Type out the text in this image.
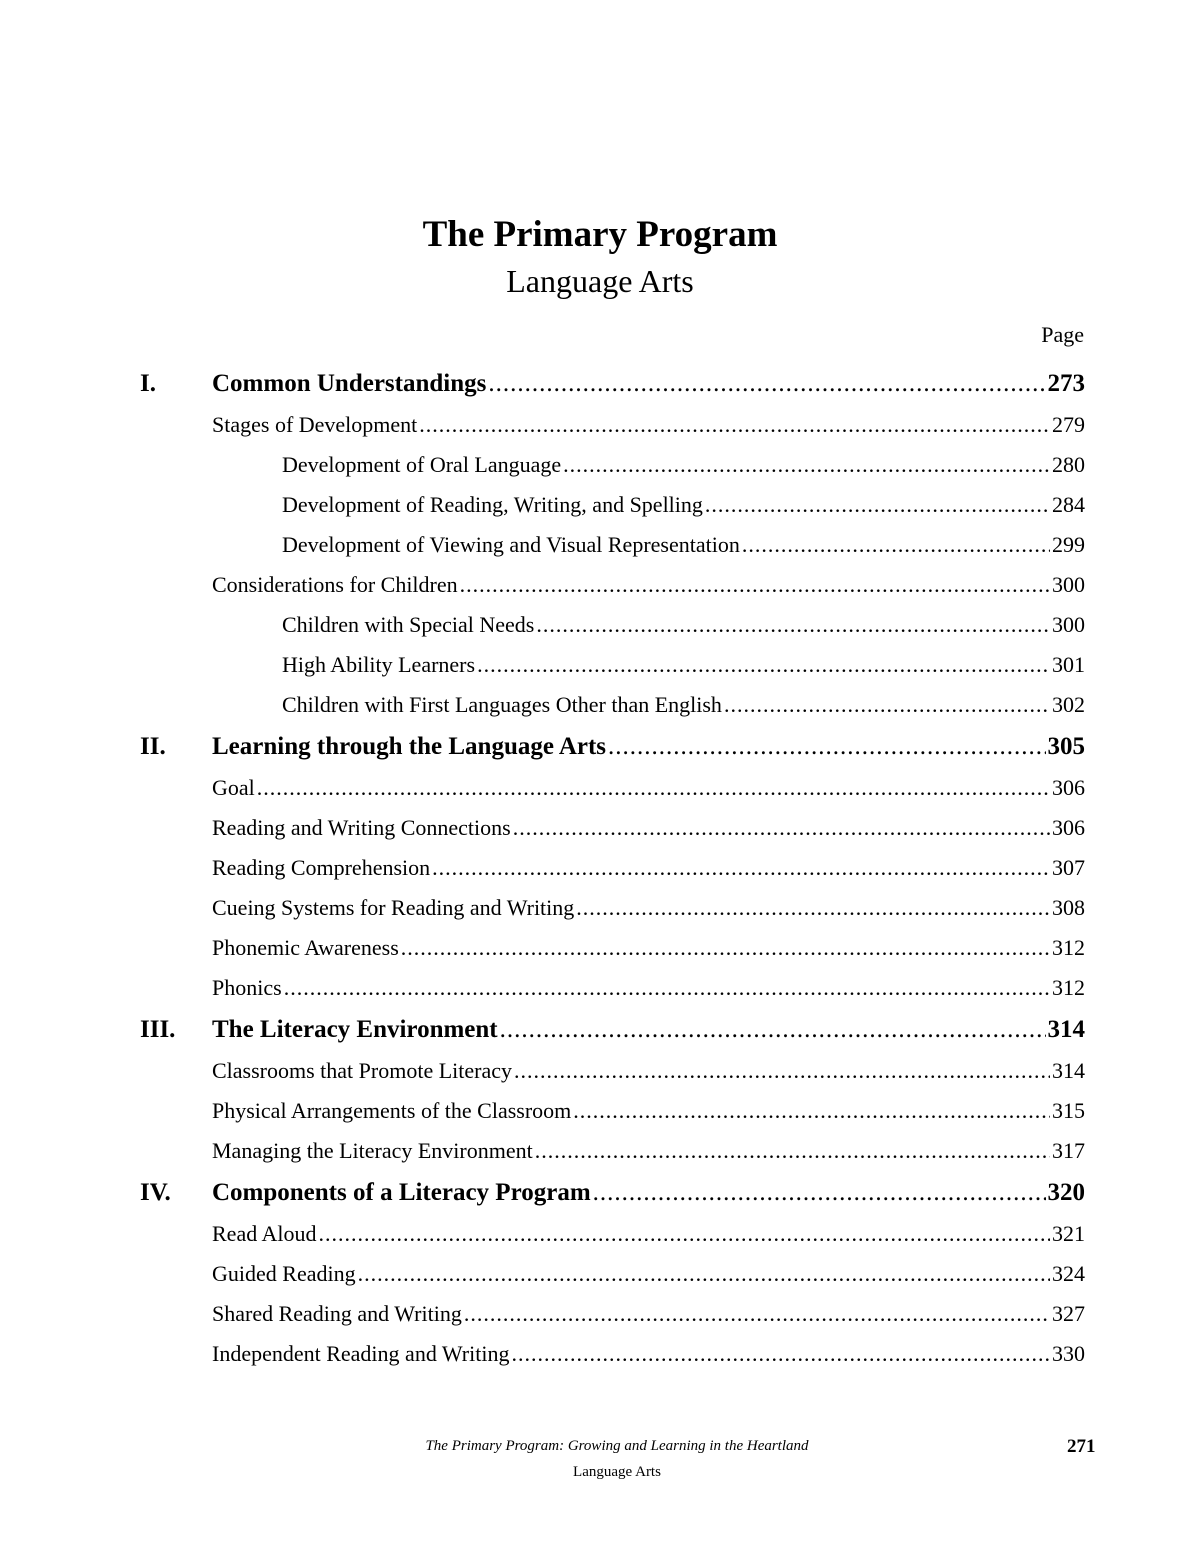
The Primary Program
Language Arts
Page
I.	Common Understandings .....	273
Stages of Development .....	279
Development of Oral Language .....	280
Development of Reading, Writing, and Spelling .....	284
Development of Viewing and Visual Representation .....	299
Considerations for Children .....	300
Children with Special Needs .....	300
High Ability Learners .....	301
Children with First Languages Other than English .....	302
II.	Learning through the Language Arts .....	305
Goal .....	306
Reading and Writing Connections .....	306
Reading Comprehension .....	307
Cueing Systems for Reading and Writing .....	308
Phonemic Awareness .....	312
Phonics .....	312
III.	The Literacy Environment .....	314
Classrooms that Promote Literacy .....	314
Physical Arrangements of the Classroom .....	315
Managing the Literacy Environment .....	317
IV.	Components of a Literacy Program .....	320
Read Aloud .....	321
Guided Reading .....	324
Shared Reading and Writing .....	327
Independent Reading and Writing .....	330
The Primary Program: Growing and Learning in the Heartland	271
Language Arts
